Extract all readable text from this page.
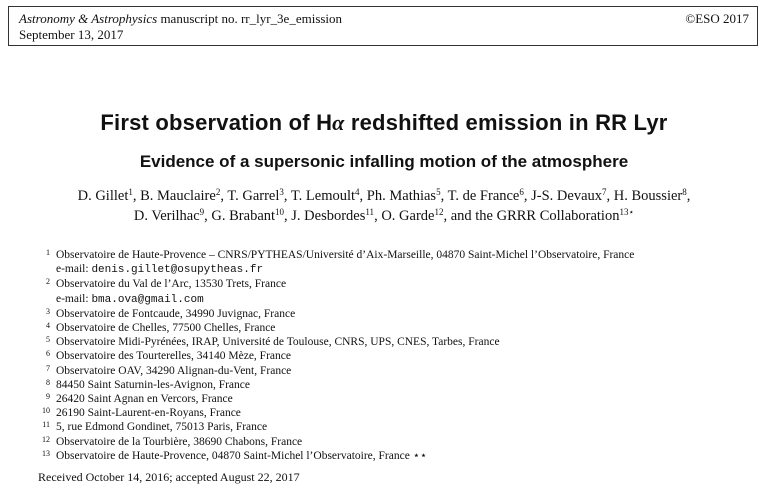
Astronomy & Astrophysics manuscript no. rr_lyr_3e_emission
September 13, 2017
©ESO 2017
First observation of Hα redshifted emission in RR Lyr
Evidence of a supersonic infalling motion of the atmosphere
D. Gillet$^1$, B. Mauclaire$^2$, T. Garrel$^3$, T. Lemoult$^4$, Ph. Mathias$^5$, T. de France$^6$, J-S. Devaux$^7$, H. Boussier$^8$,
D. Verilhac$^9$, G. Brabant$^{10}$, J. Desbordes$^{11}$, O. Garde$^{12}$, and the GRRR Collaboration$^{13⋆}$
1 Observatoire de Haute-Provence – CNRS/PYTHEAS/Université d’Aix-Marseille, 04870 Saint-Michel l’Observatoire, France
e-mail: denis.gillet@osupytheas.fr
2 Observatoire du Val de l’Arc, 13530 Trets, France
e-mail: bma.ova@gmail.com
3 Observatoire de Fontcaude, 34990 Juvignac, France
4 Observatoire de Chelles, 77500 Chelles, France
5 Observatoire Midi-Pyrénées, IRAP, Université de Toulouse, CNRS, UPS, CNES, Tarbes, France
6 Observatoire des Tourterelles, 34140 Mèze, France
7 Observatoire OAV, 34290 Alignan-du-Vent, France
8 84450 Saint Saturnin-les-Avignon, France
9 26420 Saint Agnan en Vercors, France
10 26190 Saint-Laurent-en-Royans, France
11 5, rue Edmond Gondinet, 75013 Paris, France
12 Observatoire de la Tourbière, 38690 Chabons, France
13 Observatoire de Haute-Provence, 04870 Saint-Michel l’Observatoire, France ⋆⋆
Received October 14, 2016; accepted August 22, 2017
